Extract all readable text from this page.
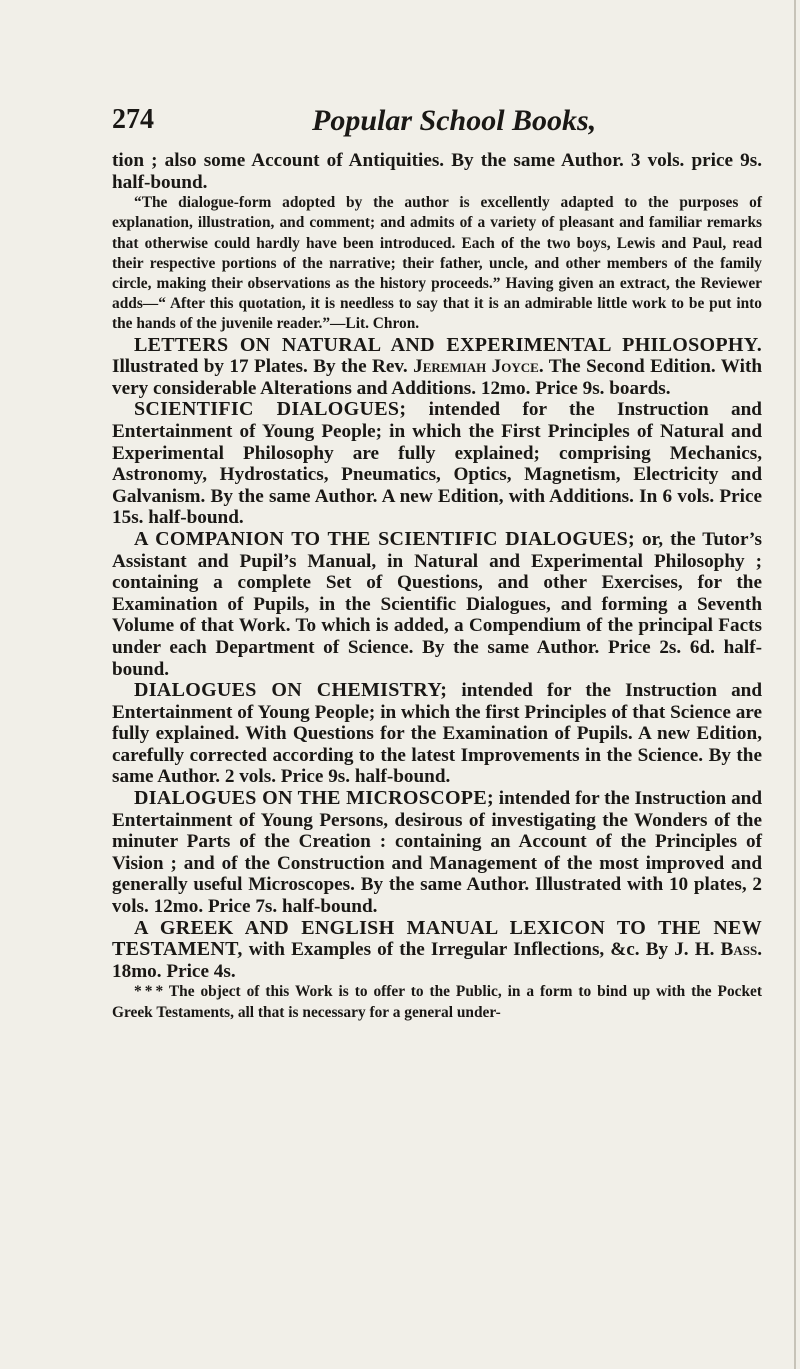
274	Popular School Books,

tion ; also some Account of Antiquities. By the same Author. 3 vols. price 9s. half-bound.

“The dialogue-form adopted by the author is excellently adapted to the purposes of explanation, illustration, and comment; and admits of a variety of pleasant and familiar remarks that otherwise could hardly have been introduced. Each of the two boys, Lewis and Paul, read their respective portions of the narrative; their father, uncle, and other members of the family circle, making their observations as the history proceeds.” Having given an extract, the Reviewer adds—“ After this quotation, it is needless to say that it is an admirable little work to be put into the hands of the juvenile reader.”—Lit. Chron.

LETTERS ON NATURAL AND EXPERIMENTAL PHILOSOPHY. Illustrated by 17 Plates. By the Rev. Jeremiah Joyce. The Second Edition. With very considerable Alterations and Additions. 12mo. Price 9s. boards.

SCIENTIFIC DIALOGUES; intended for the Instruction and Entertainment of Young People; in which the First Principles of Natural and Experimental Philosophy are fully explained; comprising Mechanics, Astronomy, Hydrostatics, Pneumatics, Optics, Magnetism, Electricity and Galvanism. By the same Author. A new Edition, with Additions. In 6 vols. Price 15s. half-bound.

A COMPANION TO THE SCIENTIFIC DIALOGUES; or, the Tutor’s Assistant and Pupil’s Manual, in Natural and Experimental Philosophy ; containing a complete Set of Questions, and other Exercises, for the Examination of Pupils, in the Scientific Dialogues, and forming a Seventh Volume of that Work. To which is added, a Compendium of the principal Facts under each Department of Science. By the same Author. Price 2s. 6d. half-bound.

DIALOGUES ON CHEMISTRY; intended for the Instruction and Entertainment of Young People; in which the first Principles of that Science are fully explained. With Questions for the Examination of Pupils. A new Edition, carefully corrected according to the latest Improvements in the Science. By the same Author. 2 vols. Price 9s. half-bound.

DIALOGUES ON THE MICROSCOPE; intended for the Instruction and Entertainment of Young Persons, desirous of investigating the Wonders of the minuter Parts of the Creation : containing an Account of the Principles of Vision ; and of the Construction and Management of the most improved and generally useful Microscopes. By the same Author. Illustrated with 10 plates, 2 vols. 12mo. Price 7s. half-bound.

A GREEK AND ENGLISH MANUAL LEXICON TO THE NEW TESTAMENT, with Examples of the Irregular Inflections, &c. By J. H. Bass. 18mo. Price 4s.

* * * The object of this Work is to offer to the Public, in a form to bind up with the Pocket Greek Testaments, all that is necessary for a general under-
